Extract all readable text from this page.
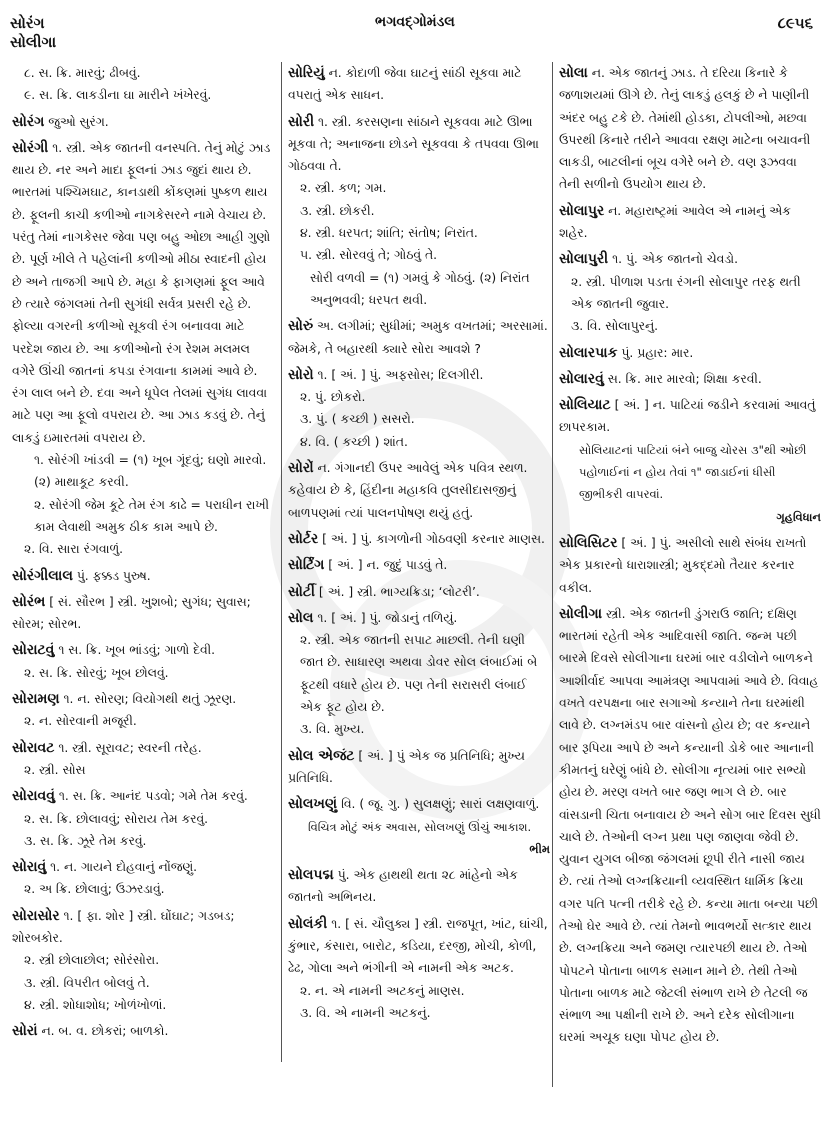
સોરંગ
સોલીગા
ભગવદ્ગોમંડલ	૮૯૫૬

૮. સ. ક્રિ. મારવું; ઢીબવું.

૯. સ. ક્રિ. લાકડીના ઘા મારીને ખંખેરવું.

સોરંગ જુઓ સુરંગ.

સોરંગી ૧. સ્ત્રી. એક જાતની વનસ્પતિ. તેનું મોટું ઝાડ થાય છે. નર અને માદા ફૂલનાં ઝાડ જુદાં થાય છે. ભારતમાં પશ્ચિમઘાટ, કાનડાથી કોંકણમાં પુષ્કળ થાય છે. ફૂલની કાચી કળીઓ નાગકેસરને નામે વેચાય છે. પરંતુ તેમાં નાગકેસર જેવા પણ બહુ ઓછા આહી ગુણો છે. પૂર્ણ ખીલે તે પહેલાંની કળીઓ મીઠા સ્વાદની હોય છે અને તાજગી આપે છે. મહા કે ફાગણમાં ફૂલ આવે છે ત્યારે જંગલમાં તેની સુગંધી સર્વત્ર પ્રસરી રહે છે. ફોલ્યા વગરની કળીઓ સૂકવી રંગ બનાવવા માટે પરદેશ જાય છે. આ કળીઓનો રંગ રેશમ મલમલ વગેરે ઊંચી જાતનાં કપડા રંગવાના કામમાં આવે છે. રંગ લાલ બને છે. દવા અને ધૂપેલ તેલમાં સુગંધ લાવવા માટે પણ આ ફૂલો વપરાય છે. આ ઝાડ કડવું છે. તેનું લાકડું ઇમારતમાં વપરાય છે.

૧. સોરંગી ખાંડવી = (૧) ખૂબ ગૂંદવું; ઘણો મારવો. (૨) માથાકૂટ કરવી.

૨. સોરંગી જેમ કૂટે તેમ રંગ કાઢે = પરાધીન રાખી કામ લેવાથી અમુક ઠીક કામ આપે છે.

૨. વિ. સારા રંગવાળું.

સોરંગીલાલ પું. ફક્કડ પુરુષ.

સોરંભ [ સં. સૌરભ ] સ્ત્રી. ખુશબો; સુગંધ; સુવાસ; સોરમ; સોરભ.

સોરાટવું ૧ સ. ક્રિ. ખૂબ ભાંડવું; ગાળો દેવી.

૨. સ. ક્રિ. સોરવું; ખૂબ છોલવું.

સોરામણ ૧. ન. સોરણ; વિયોગથી થતું ઝૂરણ.

૨. ન. સોરવાની મજૂરી.

સોરાવટ ૧. સ્ત્રી. સૂરાવટ; સ્વરની તરેહ.

૨. સ્ત્રી. સોસ

સોરાવવું ૧. સ. ક્રિ. આનંદ પડવો; ગમે તેમ કરવું.

૨. સ. ક્રિ. છોલાવવું; સોરાય તેમ કરવું.

૩. સ. ક્રિ. ઝૂરે તેમ કરવું.

સોરાવું ૧. ન. ગાયને દોહવાનું નોંજણું.

૨. અ ક્રિ. છોલાવું; ઉઝરડાવું.

સોરાસોર ૧. [ ફા. શોર ] સ્ત્રી. ઘોંઘાટ; ગડબડ; શોરબકોર.

૨. સ્ત્રી છોલાછોલ; સોરંસોરા.

૩. સ્ત્રી. વિપરીત બોલવું તે.

૪. સ્ત્રી. શોધાશોધ; ખોળંખોળાં.

સોરાં ન. બ. વ. છોકરાં; બાળકો.

સોરિયું ન. કોદાળી જેવા ઘાટનું સાંઠી સૂકવા માટે વપરાતું એક સાધન.

સોરી ૧. સ્ત્રી. કરસણના સાંઠાને સૂકવવા માટે ઊભા મૂકવા તે; અનાજના છોડને સૂકવવા કે તપવવા ઊભા ગોઠવવા તે.

૨. સ્ત્રી. કળ; ગમ.

૩. સ્ત્રી. છોકરી.

૪. સ્ત્રી. ધરપત; શાંતિ; સંતોષ; નિરાંત.

૫. સ્ત્રી. સોરવવું તે; ગોઠવું તે.

સોરી વળવી = (૧) ગમવું કે ગોઠવું. (૨) નિરાંત અનુભવવી; ધરપત થવી.

સોરું અ. લગીમાં; સુધીમાં; અમુક વખતમાં; અરસામાં. જેમકે, તે બહારથી ક્યારે સોરા આવશે ?

સોરો ૧. [ અં. ] પું. અફસોસ; દિલગીરી.

૨. પું. છોકરો.

૩. પું. ( કચ્છી ) સસરો.

૪. વિ. ( કચ્છી ) શાંત.

સોરોં ન. ગંગાનદી ઉપર આવેલું એક પવિત્ર સ્થળ. કહેવાય છે કે, હિંદીના મહાકવિ તુલસીદાસજીનું બાળપણમાં ત્યાં પાલનપોષણ થયું હતું.

સોર્ટર [ અં. ] પું. કાગળોની ગોઠવણી કરનાર માણસ.

સોર્ટિંગ [ અં. ] ન. જુદું પાડવું તે.

સોર્ટી [ અં. ] સ્ત્રી. ભાગ્યક્રિડા; ‘લોટરી’.

સોલ ૧. [ અં. ] પું. જોડાનું તળિયું.

૨. સ્ત્રી. એક જાતની સપાટ માછલી. તેની ઘણી જાત છે. સાધારણ અથવા ડોવર સોલ લંબાઈમાં બે ફૂટથી વધારે હોય છે. પણ તેની સરાસરી લંબાઈ એક ફૂટ હોય છે.

૩. વિ. મુખ્ય.

સોલ એજંટ [ અં. ] પું એક જ પ્રતિનિધિ; મુખ્ય પ્રતિનિધિ.

સોલખણું વિ. ( જૂ. ગુ. ) સુલક્ષણું; સારાં લક્ષણવાળું.

વિચિત્ર મોટું અંક અવાસ, સોલખણું ઊંચું આકાશ.

ભીમ

સોલપદ્મ પું. એક હાથથી થતા ૨૮ માંહેનો એક જાતનો અભિનય.

સોલંકી ૧. [ સં. ચૌલુક્ય ] સ્ત્રી. રાજપૂત, ખાંટ, ઘાંચી, કુંભાર, કંસારા, બારોટ, કડિયા, દરજી, મોચી, કોળી, ઢેઢ, ગોલા અને ભંગીની એ નામની એક અટક.

૨. ન. એ નામની અટકનું માણસ.

૩. વિ. એ નામની અટકનું.

સોલા ન. એક જાતનું ઝાડ. તે દરિયા કિનારે કે જળાશયમાં ઊગે છે. તેનું લાકડું હલકું છે ને પાણીની અંદર બહુ ટકે છે. તેમાંથી હોડકા, ટોપલીઓ, મછવા ઉપરથી કિનારે તરીને આવવા રક્ષણ માટેના બચાવની લાકડી, બાટલીનાં બૂચ વગેરે બને છે. વણ રૂઝવવા તેની સળીનો ઉપયોગ થાય છે.

સોલાપુર ન. મહારાષ્ટ્રમાં આવેલ એ નામનું એક શહેર.

સોલાપુરી ૧. પું. એક જાતનો ચેવડો.

૨. સ્ત્રી. પીળાશ પડતા રંગની સોલાપુર તરફ થતી એક જાતની જુવાર.

૩. વિ. સોલાપુરનું.

સોલારપાક પું. પ્રહાર: માર.

સોલારવું સ. ક્રિ. માર મારવો; શિક્ષા કરવી.

સોલિયાટ [ અં. ] ન. પાટિયાં જડીને કરવામાં આવતું છાપરકામ.

સોલિયાટનાં પાટિયાં બંને બાજુ ચોરસ ૩"થી ઓછી પહોળાઈનાં ન હોય તેવાં ૧" જાડાઈનાં ધીસી જીભીકરી વાપરવાં.

ગૃહવિધાન

સોલિસિટર [ અં. ] પું. અસીલો સાથે સંબંધ રાખતો એક પ્રકારનો ધારાશાસ્ત્રી; મુકદ્દમો તૈયાર કરનાર વકીલ.

સોલીગા સ્ત્રી. એક જાતની ડુંગરાઉ જાતિ; દક્ષિણ ભારતમાં રહેતી એક આદિવાસી જાતિ. જન્મ પછી બારમે દિવસે સોલીગાના ઘરમાં બાર વડીલોને બાળકને આશીર્વાદ આપવા આમંત્રણ આપવામાં આવે છે. વિવાહ વખતે વરપક્ષના બાર સગાઓ કન્યાને તેના ઘરમાંથી લાવે છે. લગ્નમંડપ બાર વાંસનો હોય છે; વર કન્યાને બાર રૂપિયા આપે છે અને કન્યાની ડોકે બાર આનાની કીમતનું ઘરેણું બાંધે છે. સોલીગા નૃત્યમાં બાર સભ્યો હોય છે. મરણ વખતે બાર જણ ભાગ લે છે. બાર વાંસડાની ચિતા બનાવાય છે અને સોગ બાર દિવસ સુધી ચાલે છે. તેઓની લગ્ન પ્રથા પણ જાણવા જેવી છે. યુવાન યુગલ બીજા જંગલમાં છૂપી રીતે નાસી જાય છે. ત્યાં તેઓ લગ્નક્રિયાની વ્યવસ્થિત ધાર્મિક ક્રિયા વગર પતિ પત્ની તરીકે રહે છે. કન્યા માતા બન્યા પછી તેઓ ઘેર આવે છે. ત્યાં તેમનો ભાવભર્યો સત્કાર થાય છે. લગ્નક્રિયા અને જમણ ત્યારપછી થાય છે. તેઓ પોપટને પોતાના બાળક સમાન માને છે. તેથી તેઓ પોતાના બાળક માટે જેટલી સંભાળ રાખે છે તેટલી જ સંભાળ આ પક્ષીની રાખે છે. અને દરેક સોલીગાના ઘરમાં અચૂક ઘણા પોપટ હોય છે.
